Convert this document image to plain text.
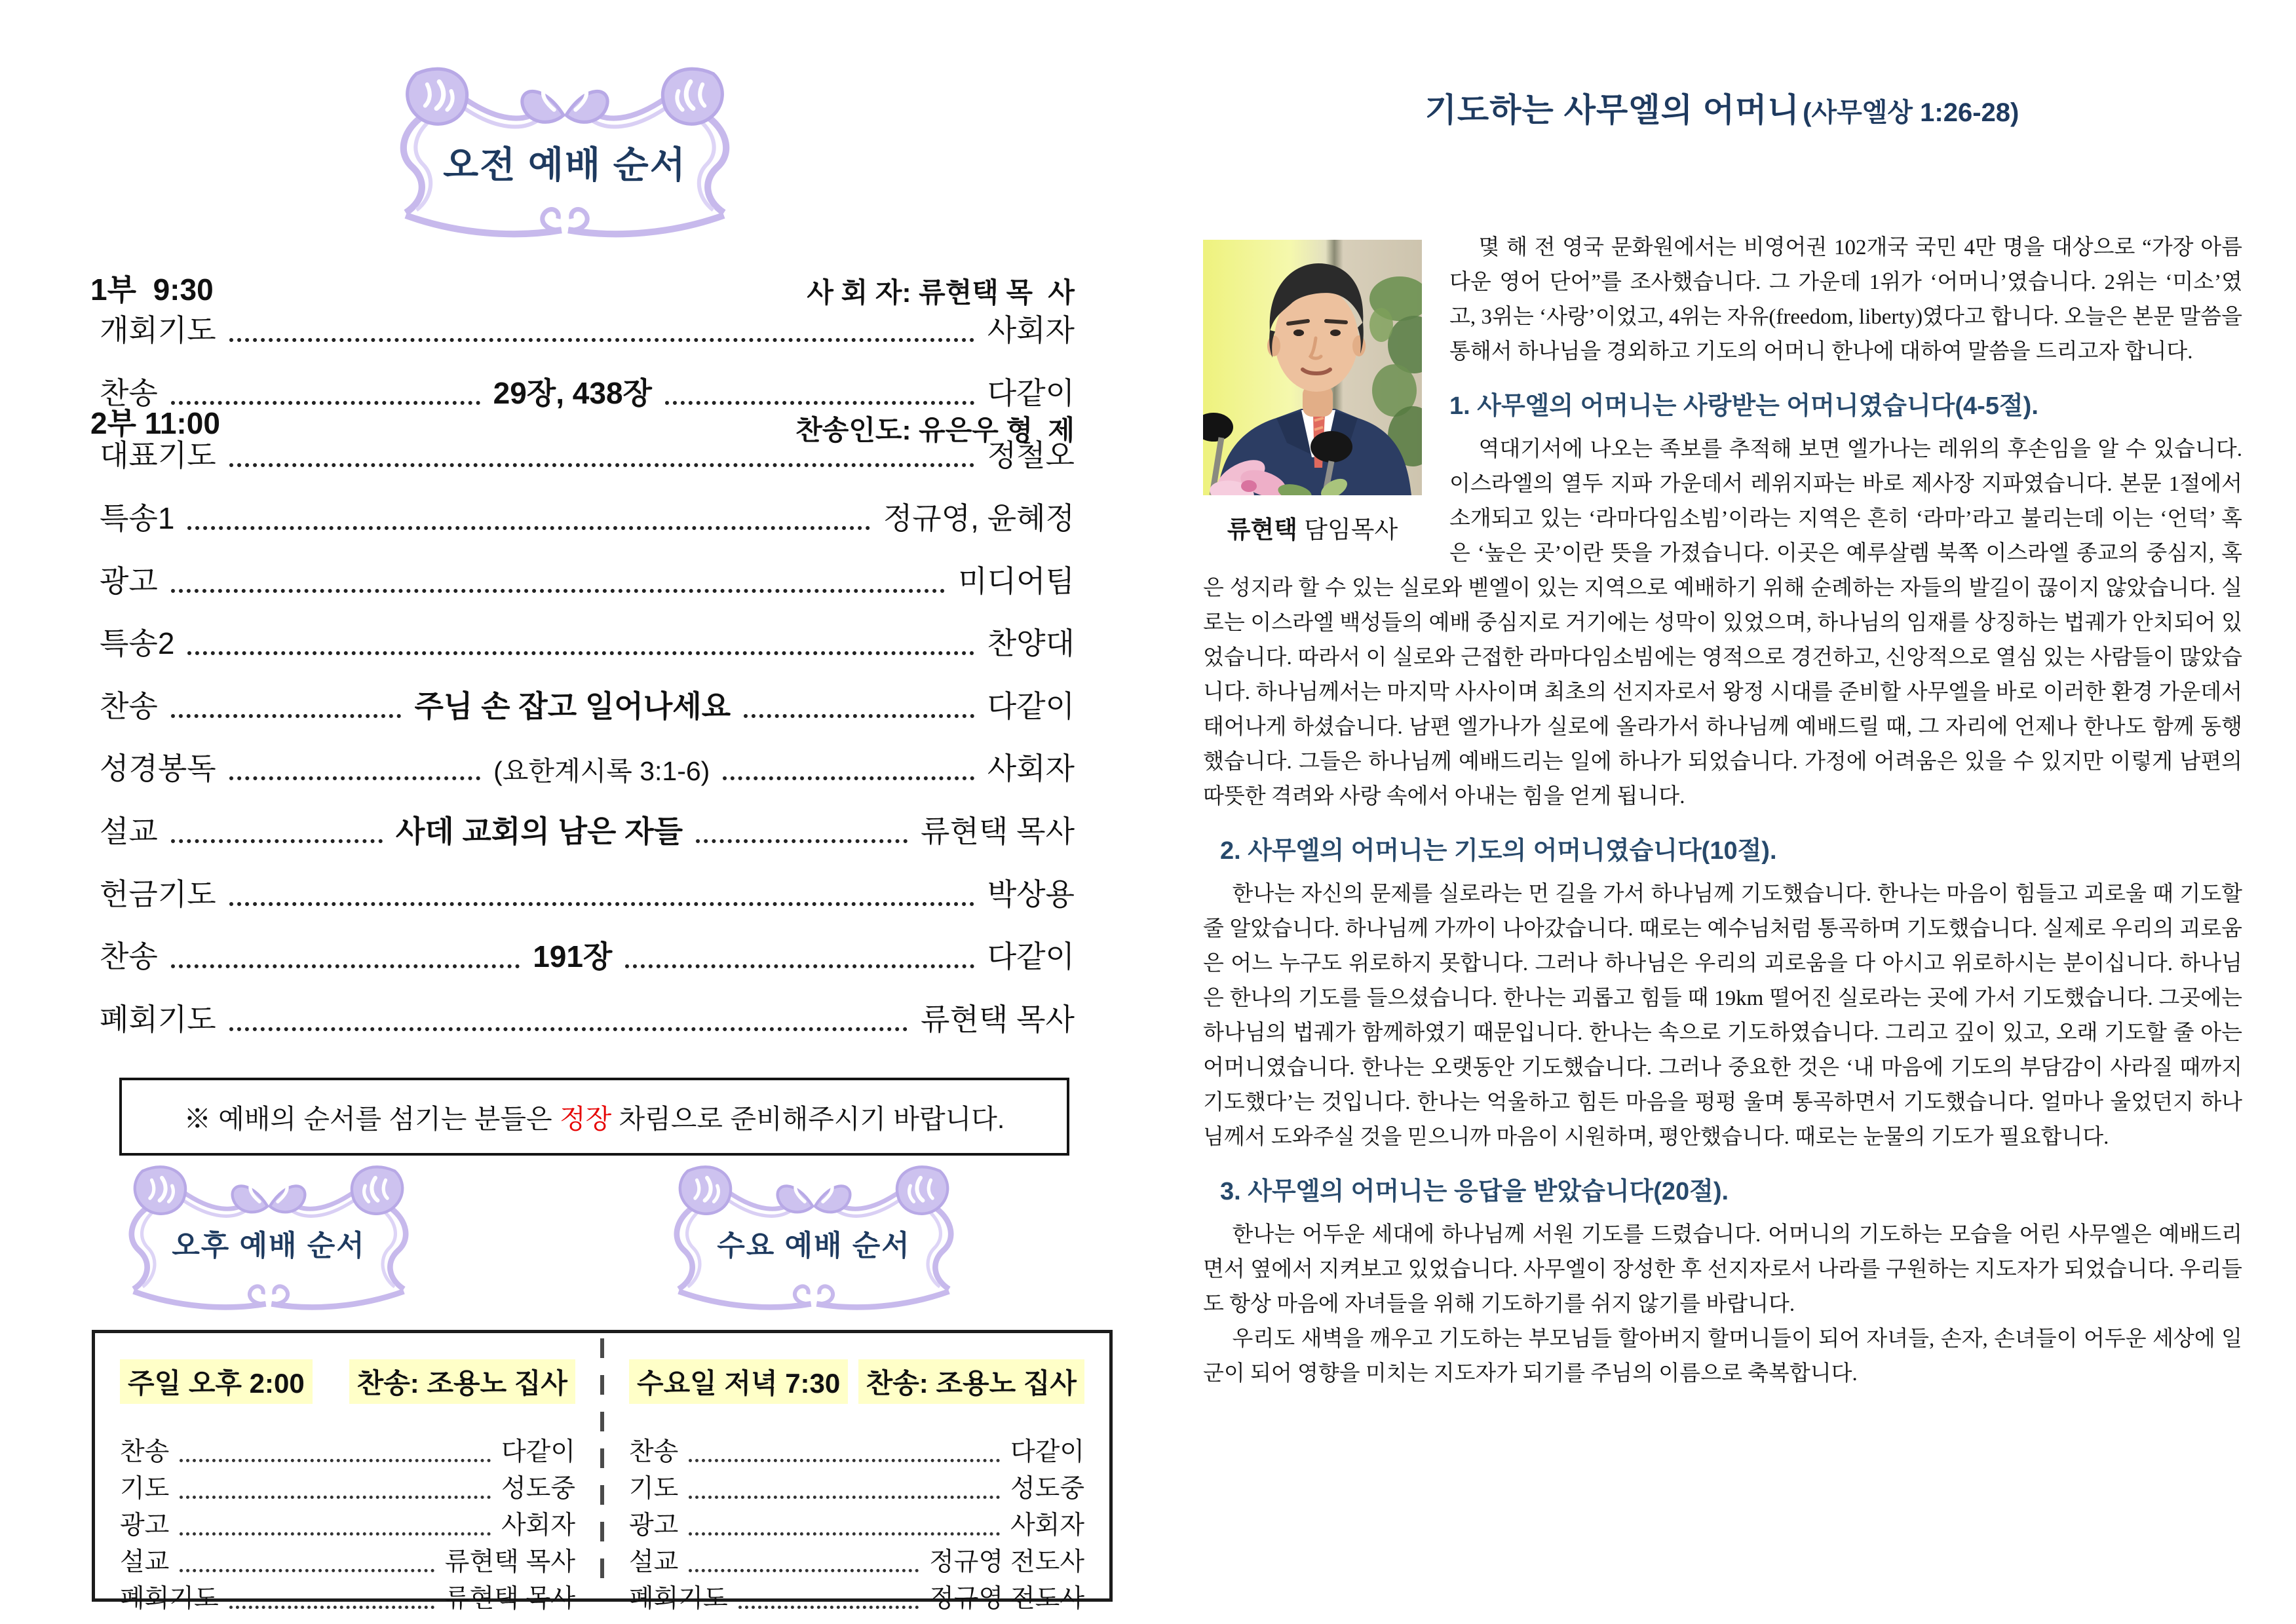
오전 예배 순서

1부  9:30

2부 11:00

사 회 자: 류현택 목  사

찬송인도: 유은우 형  제

개회기도	사회자
찬송	29장, 438장	다같이
대표기도	정철오
특송1	정규영, 윤혜정
광고	미디어팀
특송2	찬양대
찬송	주님 손 잡고 일어나세요	다같이
성경봉독	(요한계시록 3:1-6)	사회자
설교	사데 교회의 남은 자들	류현택 목사
헌금기도	박상용
찬송	191장	다같이
폐회기도	류현택 목사
※ 예배의 순서를 섬기는 분들은 정장 차림으로 준비해주시기 바랍니다.
오후 예배 순서	수요 예배 순서
주일 오후 2:00 찬송: 조용노 집사
찬송	다같이
기도	성도중
광고	사회자
설교	류현택 목사
폐회기도	류현택 목사
수요일 저녁 7:30 찬송: 조용노 집사
찬송	다같이
기도	성도중
광고	사회자
설교	정규영 전도사
폐회기도	정규영 전도사
기도하는 사무엘의 어머니 (사무엘상 1:26-28)
류현택 담임목사

몇 해 전 영국 문화원에서는 비영어권 102개국 국민 4만 명을 대상으로 “가장 아름다운 영어 단어”를 조사했습니다. 그 가운데 1위가 ‘어머니’였습니다. 2위는 ‘미소’였고, 3위는 ‘사랑’이었고, 4위는 자유(freedom, liberty)였다고 합니다. 오늘은 본문 말씀을 통해서 하나님을 경외하고 기도의 어머니 한나에 대하여 말씀을 드리고자 합니다.

1. 사무엘의 어머니는 사랑받는 어머니였습니다(4-5절).

역대기서에 나오는 족보를 추적해 보면 엘가나는 레위의 후손임을 알 수 있습니다. 이스라엘의 열두 지파 가운데서 레위지파는 바로 제사장 지파였습니다. 본문 1절에서 소개되고 있는 ‘라마다임소빔’이라는 지역은 흔히 ‘라마’라고 불리는데 이는 ‘언덕’ 혹은 ‘높은 곳’이란 뜻을 가졌습니다. 이곳은 예루살렘 북쪽 이스라엘 종교의 중심지, 혹은 성지라 할 수 있는 실로와 벧엘이 있는 지역으로 예배하기 위해 순례하는 자들의 발길이 끊이지 않았습니다. 실로는 이스라엘 백성들의 예배 중심지로 거기에는 성막이 있었으며, 하나님의 임재를 상징하는 법궤가 안치되어 있었습니다. 따라서 이 실로와 근접한 라마다임소빔에는 영적으로 경건하고, 신앙적으로 열심 있는 사람들이 많았습니다. 하나님께서는 마지막 사사이며 최초의 선지자로서 왕정 시대를 준비할 사무엘을 바로 이러한 환경 가운데서 태어나게 하셨습니다. 남편 엘가나가 실로에 올라가서 하나님께 예배드릴 때, 그 자리에 언제나 한나도 함께 동행했습니다. 그들은 하나님께 예배드리는 일에 하나가 되었습니다. 가정에 어려움은 있을 수 있지만 이렇게 남편의 따뜻한 격려와 사랑 속에서 아내는 힘을 얻게 됩니다.

2. 사무엘의 어머니는 기도의 어머니였습니다(10절).

한나는 자신의 문제를 실로라는 먼 길을 가서 하나님께 기도했습니다. 한나는 마음이 힘들고 괴로울 때 기도할 줄 알았습니다. 하나님께 가까이 나아갔습니다. 때로는 예수님처럼 통곡하며 기도했습니다. 실제로 우리의 괴로움은 어느 누구도 위로하지 못합니다. 그러나 하나님은 우리의 괴로움을 다 아시고 위로하시는 분이십니다. 하나님은 한나의 기도를 들으셨습니다. 한나는 괴롭고 힘들 때 19km 떨어진 실로라는 곳에 가서 기도했습니다. 그곳에는 하나님의 법궤가 함께하였기 때문입니다. 한나는 속으로 기도하였습니다. 그리고 깊이 있고, 오래 기도할 줄 아는 어머니였습니다. 한나는 오랫동안 기도했습니다. 그러나 중요한 것은 ‘내 마음에 기도의 부담감이 사라질 때까지 기도했다’는 것입니다. 한나는 억울하고 힘든 마음을 펑펑 울며 통곡하면서 기도했습니다. 얼마나 울었던지 하나님께서 도와주실 것을 믿으니까 마음이 시원하며, 평안했습니다. 때로는 눈물의 기도가 필요합니다.

3. 사무엘의 어머니는 응답을 받았습니다(20절).

한나는 어두운 세대에 하나님께 서원 기도를 드렸습니다. 어머니의 기도하는 모습을 어린 사무엘은 예배드리면서 옆에서 지켜보고 있었습니다. 사무엘이 장성한 후 선지자로서 나라를 구원하는 지도자가 되었습니다. 우리들도 항상 마음에 자녀들을 위해 기도하기를 쉬지 않기를 바랍니다.

우리도 새벽을 깨우고 기도하는 부모님들 할아버지 할머니들이 되어 자녀들, 손자, 손녀들이 어두운 세상에 일군이 되어 영향을 미치는 지도자가 되기를 주님의 이름으로 축복합니다.
